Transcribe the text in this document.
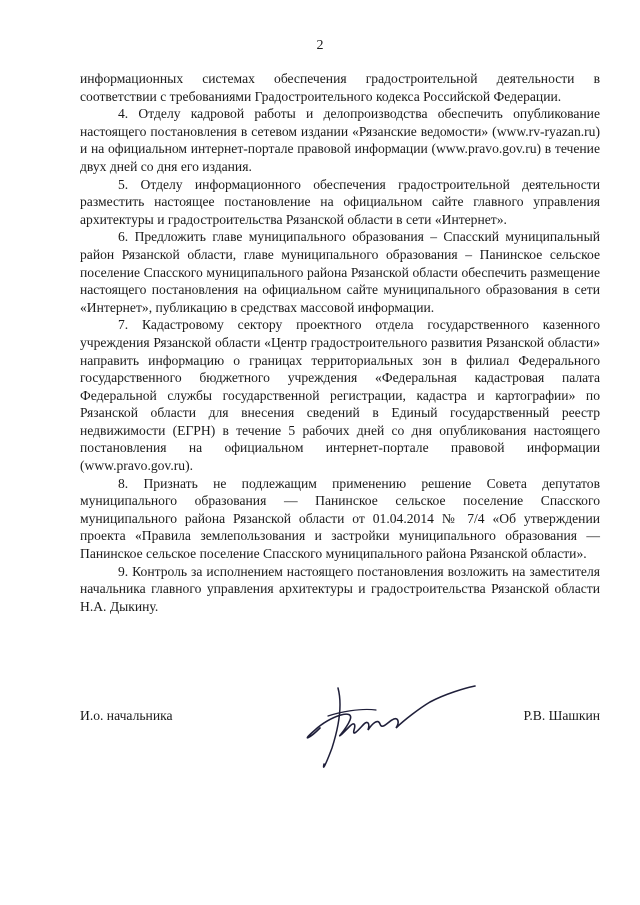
2

информационных системах обеспечения градостроительной деятельности в соответствии с требованиями Градостроительного кодекса Российской Федерации.

4. Отделу кадровой работы и делопроизводства обеспечить опубликование настоящего постановления в сетевом издании «Рязанские ведомости» (www.rv-ryazan.ru) и на официальном интернет-портале правовой информации (www.pravo.gov.ru) в течение двух дней со дня его издания.

5. Отделу информационного обеспечения градостроительной деятельности разместить настоящее постановление на официальном сайте главного управления архитектуры и градостроительства Рязанской области в сети «Интернет».

6. Предложить главе муниципального образования – Спасский муниципальный район Рязанской области, главе муниципального образования – Панинское сельское поселение Спасского муниципального района Рязанской области обеспечить размещение настоящего постановления на официальном сайте муниципального образования в сети «Интернет», публикацию в средствах массовой информации.

7. Кадастровому сектору проектного отдела государственного казенного учреждения Рязанской области «Центр градостроительного развития Рязанской области» направить информацию о границах территориальных зон в филиал Федерального государственного бюджетного учреждения «Федеральная кадастровая палата Федеральной службы государственной регистрации, кадастра и картографии» по Рязанской области для внесения сведений в Единый государственный реестр недвижимости (ЕГРН) в течение 5 рабочих дней со дня опубликования настоящего постановления на официальном интернет-портале правовой информации (www.pravo.gov.ru).

8. Признать не подлежащим применению решение Совета депутатов муниципального образования — Панинское сельское поселение Спасского муниципального района Рязанской области от 01.04.2014 № 7/4 «Об утверждении проекта «Правила землепользования и застройки муниципального образования — Панинское сельское поселение Спасского муниципального района Рязанской области».

9. Контроль за исполнением настоящего постановления возложить на заместителя начальника главного управления архитектуры и градостроительства Рязанской области Н.А. Дыкину.

И.о. начальника	Р.В. Шашкин
